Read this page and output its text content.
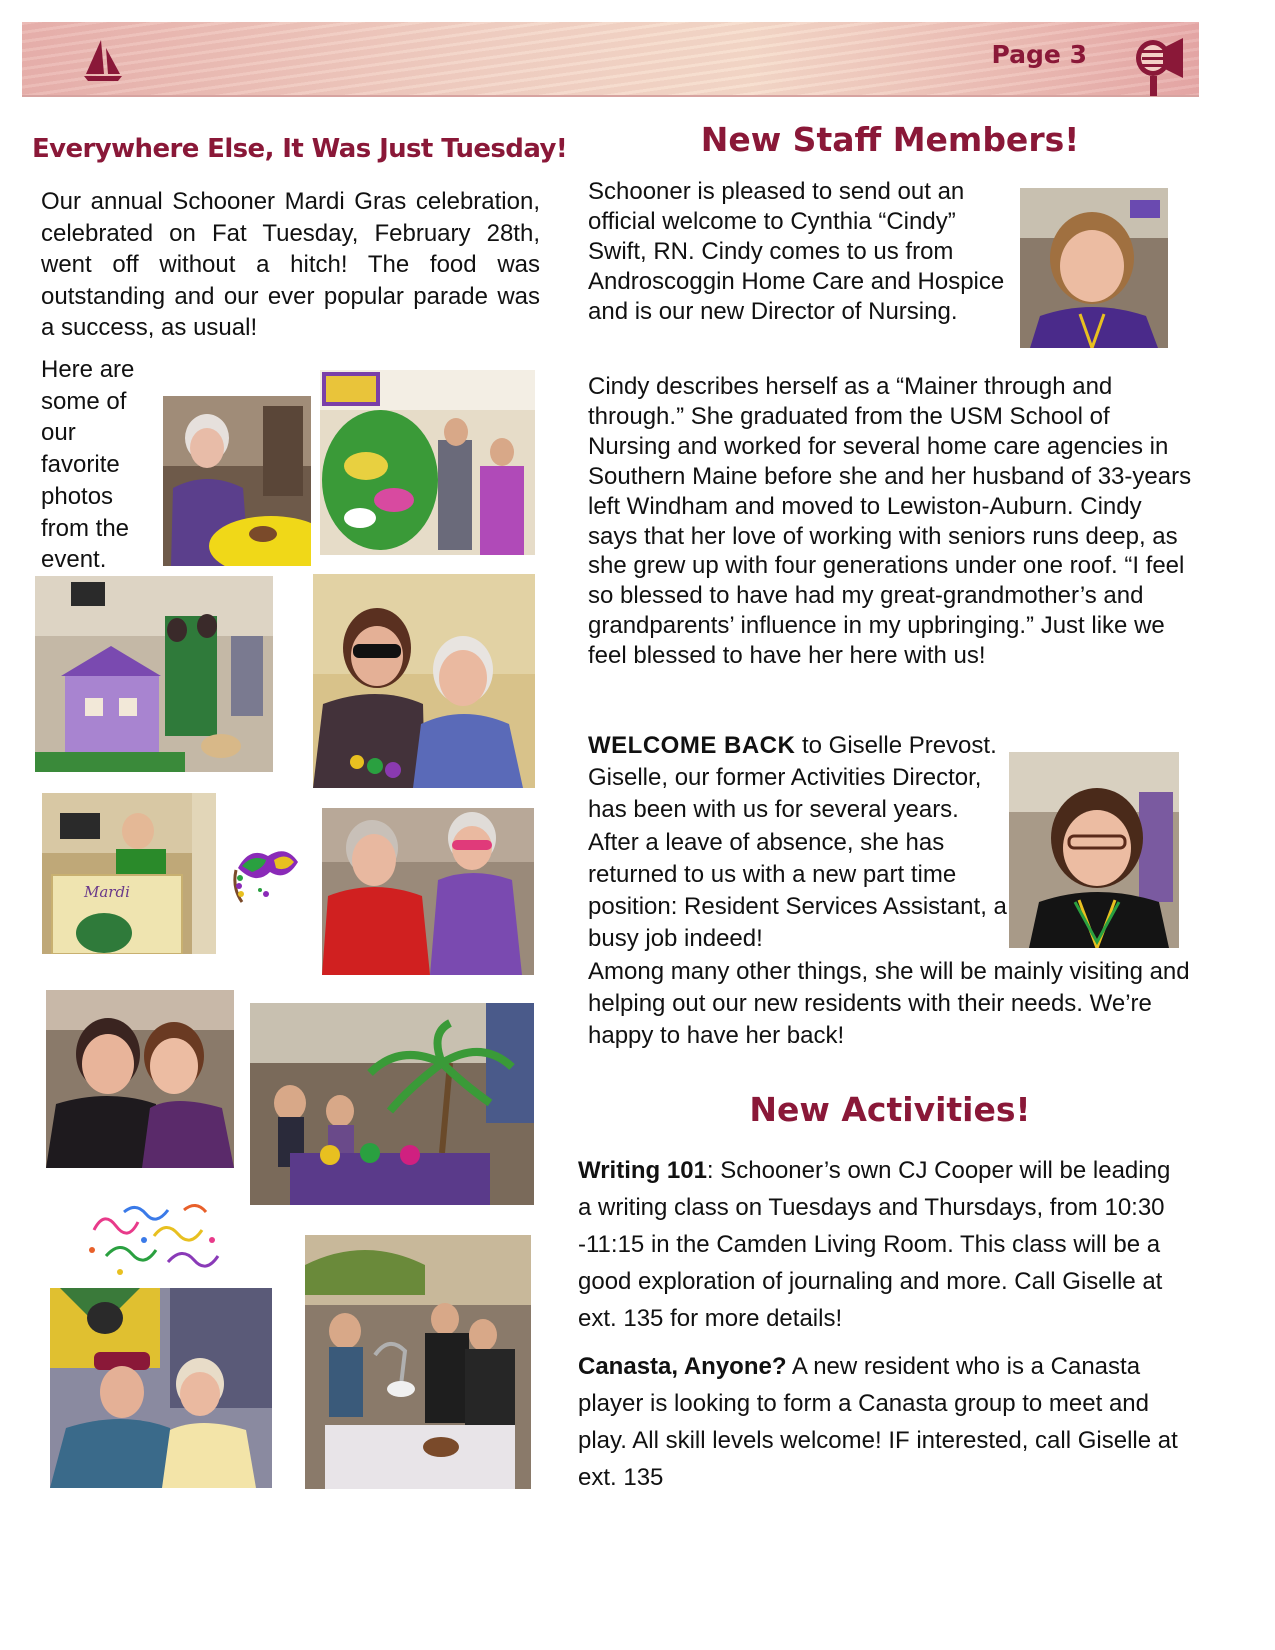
Page 3
Everywhere Else, It Was Just Tuesday!
Our annual Schooner Mardi Gras celebration, celebrated on Fat Tuesday, February 28th, went off without a hitch! The food was outstanding and our ever popular parade was a success, as usual!
Here are some of our favorite photos from the event.
Mardi
New Staff Members!
Schooner is pleased to send out an official welcome to Cynthia “Cindy” Swift, RN. Cindy comes to us from Androscoggin Home Care and Hospice and is our new Director of Nursing.
Cindy describes herself as a “Mainer through and through.” She graduated from the USM School of Nursing and worked for several home care agencies in Southern Maine before she and her husband of 33-years left Windham and moved to Lewiston-Auburn. Cindy says that her love of working with seniors runs deep, as she grew up with four generations under one roof. “I feel so blessed to have had my great-grandmother’s and grandparents’ influence in my upbringing.” Just like we feel blessed to have her here with us!
WELCOME BACK to Giselle Prevost. Giselle, our former Activities Director, has been with us for several years. After a leave of absence, she has returned to us with a new part time position: Resident Services Assistant, a busy job indeed!
Among many other things, she will be mainly visiting and helping out our new residents with their needs. We’re happy to have her back!
New Activities!
Writing 101: Schooner’s own CJ Cooper will be leading a writing class on Tuesdays and Thursdays, from 10:30 -11:15 in the Camden Living Room. This class will be a good exploration of journaling and more. Call Giselle at ext. 135 for more details!
Canasta, Anyone? A new resident who is a Canasta player is looking to form a Canasta group to meet and play. All skill levels welcome! IF interested, call Giselle at ext. 135
